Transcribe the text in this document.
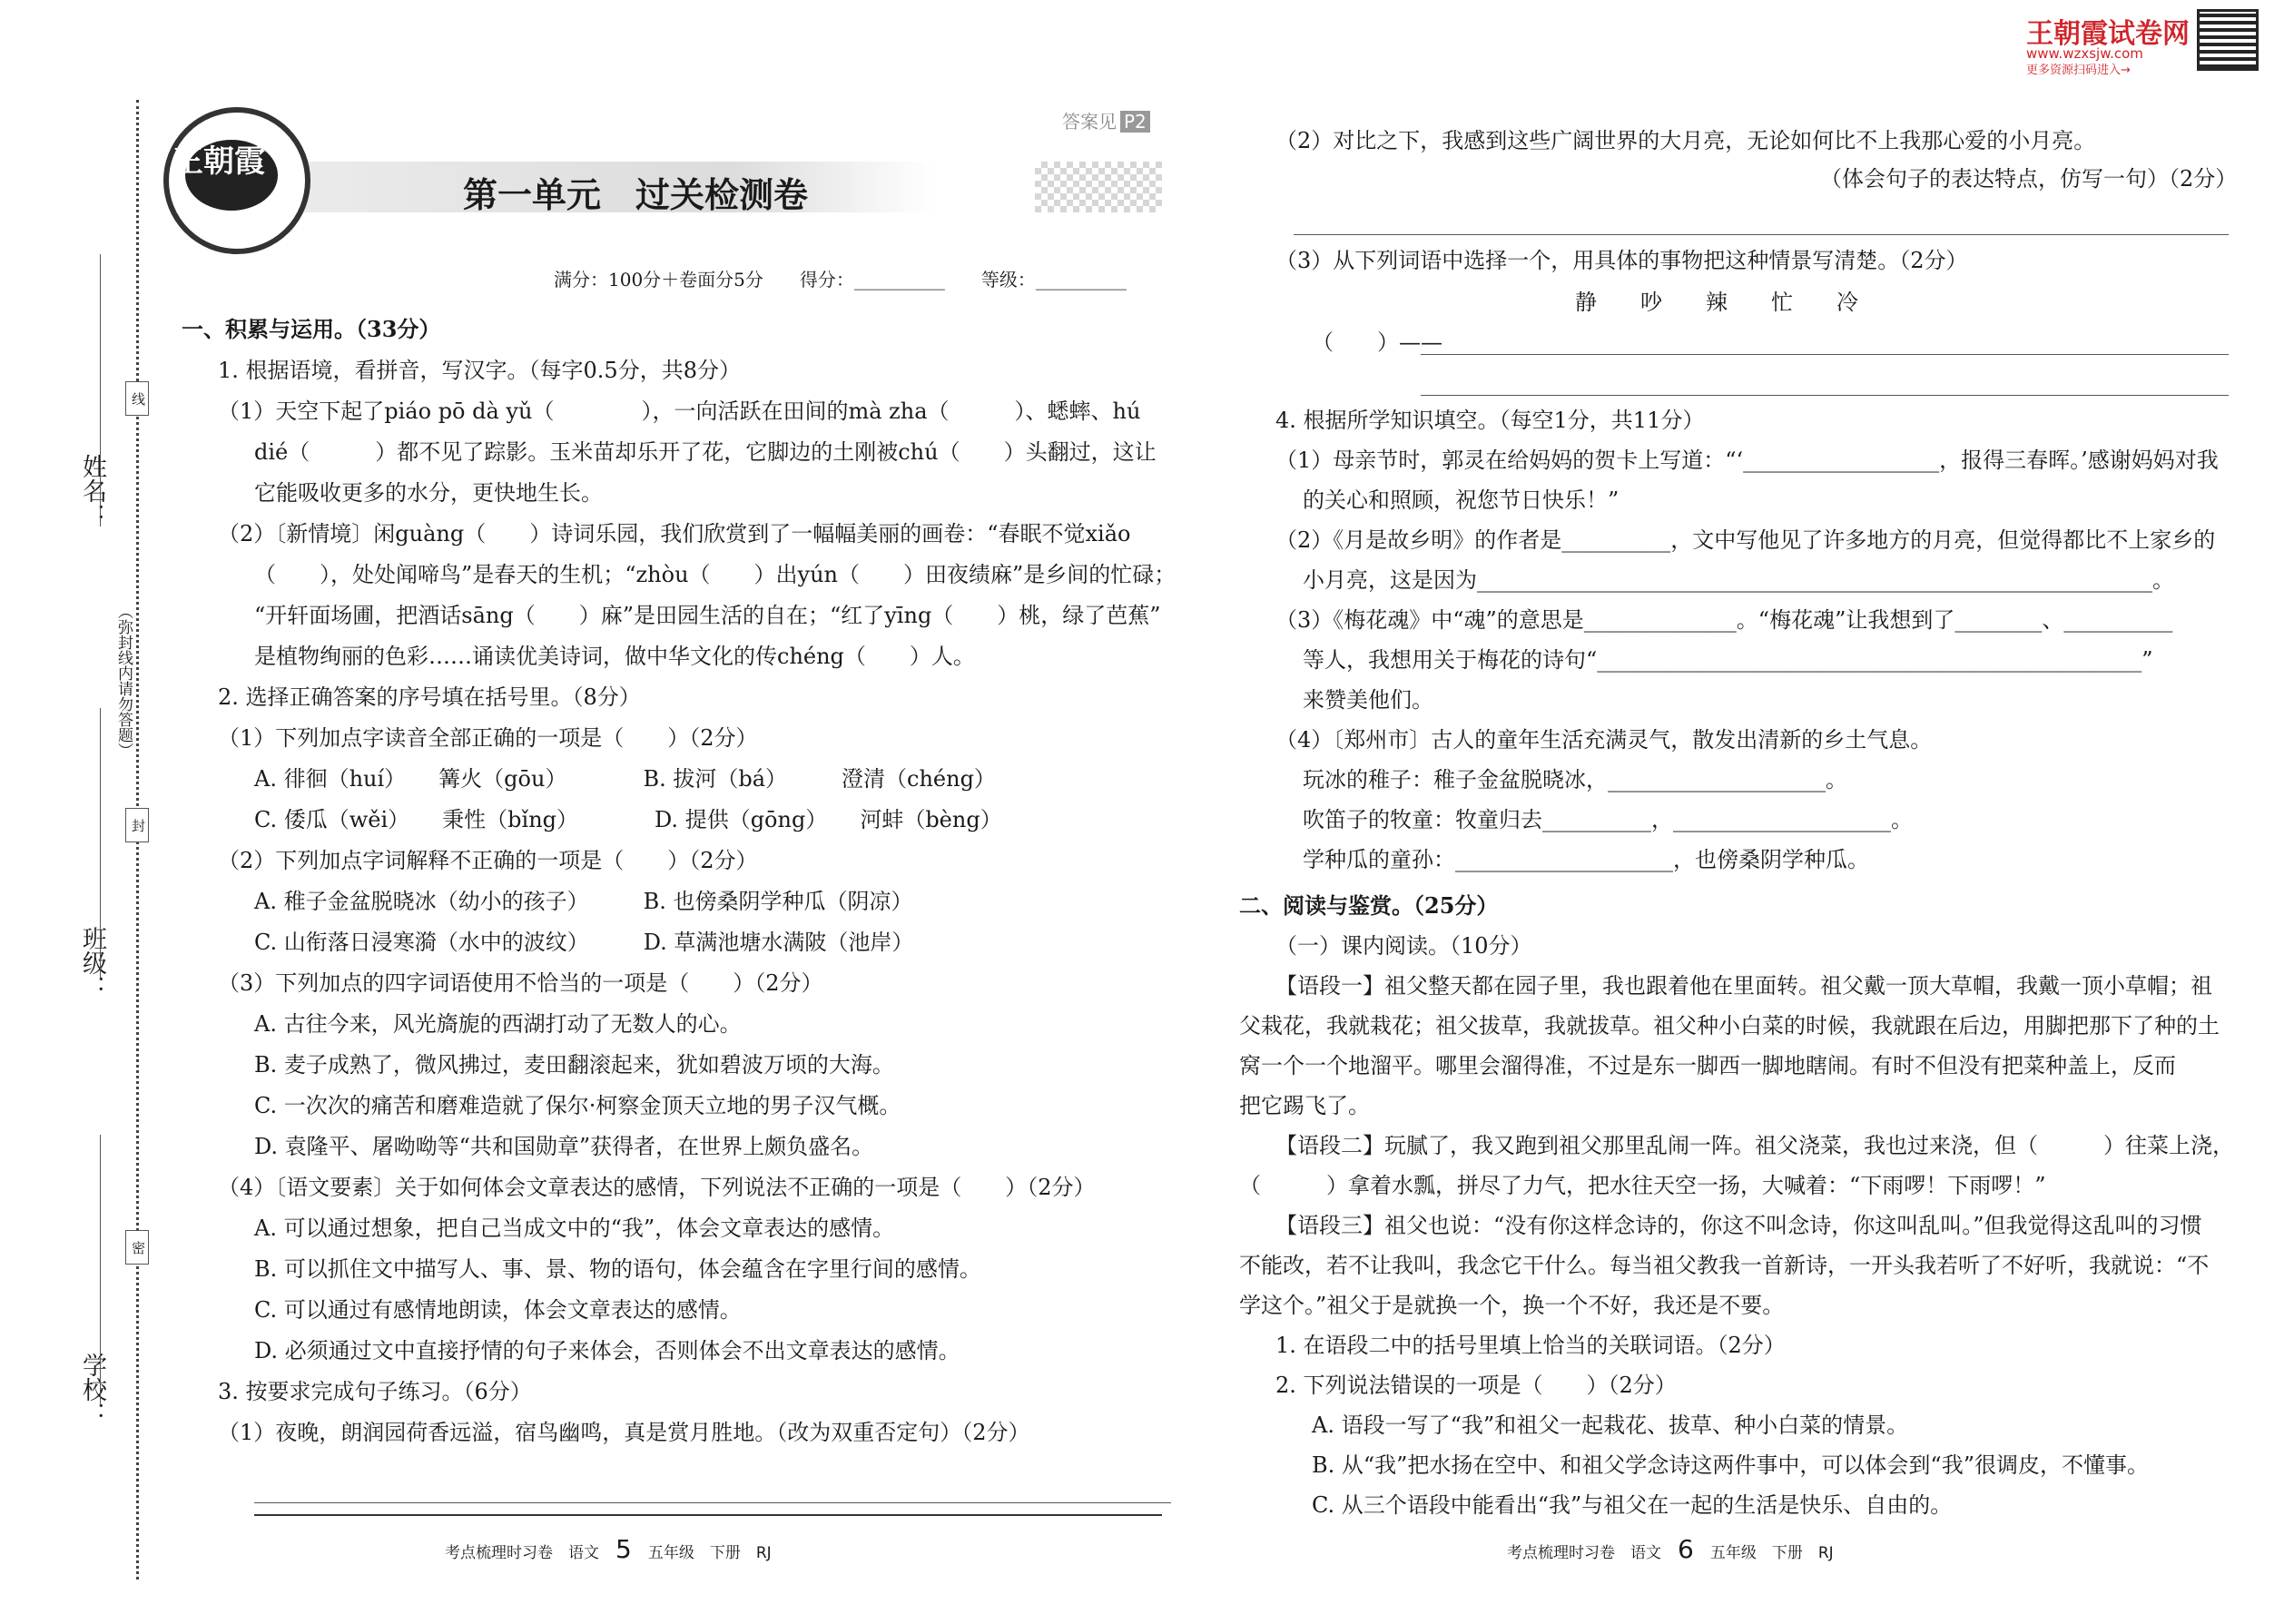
王朝霞试卷网
www.wzxsjw.com
更多资源扫码进入→
姓名：
班级：
学校：
（弥封线内请勿答题）
线
封
密
王朝霞
第一单元　过关检测卷
答案见 P2
满分：100分＋卷面分5分　　得分：__________　　等级：__________
一、积累与运用。（33分）
1. 根据语境，看拼音，写汉字。（每字0.5分，共8分）
（1）天空下起了piáo pō dà yǔ（　　　　），一向活跃在田间的mà zha（　　　）、蟋蟀、hú
dié（　　　）都不见了踪影。玉米苗却乐开了花，它脚边的土刚被chú（　　）头翻过，这让
它能吸收更多的水分，更快地生长。
（2）〔新情境〕闲guàng（　　）诗词乐园，我们欣赏到了一幅幅美丽的画卷：“春眠不觉xiǎo
（　　），处处闻啼鸟”是春天的生机；“zhòu（　　）出yún（　　）田夜绩麻”是乡间的忙碌；
“开轩面场圃，把酒话sāng（　　）麻”是田园生活的自在；“红了yīng（　　）桃，绿了芭蕉”
是植物绚丽的色彩……诵读优美诗词，做中华文化的传chéng（　　）人。
2. 选择正确答案的序号填在括号里。（8分）
（1）下列加点字读音全部正确的一项是（　　）（2分）
A. 徘徊（huí）　　篝火（gōu）　　　　B. 拔河（bá）　　　澄清（chéng）
C. 倭瓜（wěi）　　秉性（bǐng）　　　　D. 提供（gōng）　　河蚌（bèng）
（2）下列加点字词解释不正确的一项是（　　）（2分）
A. 稚子金盆脱晓冰（幼小的孩子）　　　B. 也傍桑阴学种瓜（阴凉）
C. 山衔落日浸寒漪（水中的波纹）　　　D. 草满池塘水满陂（池岸）
（3）下列加点的四字词语使用不恰当的一项是（　　）（2分）
A. 古往今来，风光旖旎的西湖打动了无数人的心。
B. 麦子成熟了，微风拂过，麦田翻滚起来，犹如碧波万顷的大海。
C. 一次次的痛苦和磨难造就了保尔·柯察金顶天立地的男子汉气概。
D. 袁隆平、屠呦呦等“共和国勋章”获得者，在世界上颇负盛名。
（4）〔语文要素〕关于如何体会文章表达的感情，下列说法不正确的一项是（　　）（2分）
A. 可以通过想象，把自己当成文中的“我”，体会文章表达的感情。
B. 可以抓住文中描写人、事、景、物的语句，体会蕴含在字里行间的感情。
C. 可以通过有感情地朗读，体会文章表达的感情。
D. 必须通过文中直接抒情的句子来体会，否则体会不出文章表达的感情。
3. 按要求完成句子练习。（6分）
（1）夜晚，朗润园荷香远溢，宿鸟幽鸣，真是赏月胜地。（改为双重否定句）（2分）
（2）对比之下，我感到这些广阔世界的大月亮，无论如何比不上我那心爱的小月亮。
（体会句子的表达特点，仿写一句）（2分）
（3）从下列词语中选择一个，用具体的事物把这种情景写清楚。（2分）
静　　吵　　辣　　忙　　冷
（　　）——
4. 根据所学知识填空。（每空1分，共11分）
（1）母亲节时，郭灵在给妈妈的贺卡上写道：“‘__________________，报得三春晖。’感谢妈妈对我
的关心和照顾，祝您节日快乐！”
（2）《月是故乡明》的作者是__________，文中写他见了许多地方的月亮，但觉得都比不上家乡的
小月亮，这是因为______________________________________________________________。
（3）《梅花魂》中“魂”的意思是______________。“梅花魂”让我想到了________、__________
等人，我想用关于梅花的诗句“__________________________________________________”
来赞美他们。
（4）〔郑州市〕古人的童年生活充满灵气，散发出清新的乡土气息。
玩冰的稚子：稚子金盆脱晓冰，____________________。
吹笛子的牧童：牧童归去__________，____________________。
学种瓜的童孙：____________________，也傍桑阴学种瓜。
二、阅读与鉴赏。（25分）
（一）课内阅读。（10分）
【语段一】祖父整天都在园子里，我也跟着他在里面转。祖父戴一顶大草帽，我戴一顶小草帽；祖
父栽花，我就栽花；祖父拔草，我就拔草。祖父种小白菜的时候，我就跟在后边，用脚把那下了种的土
窝一个一个地溜平。哪里会溜得准，不过是东一脚西一脚地瞎闹。有时不但没有把菜种盖上，反而
把它踢飞了。
【语段二】玩腻了，我又跑到祖父那里乱闹一阵。祖父浇菜，我也过来浇，但（　　　）往菜上浇，
（　　　）拿着水瓢，拼尽了力气，把水往天空一扬，大喊着：“下雨啰！下雨啰！”
【语段三】祖父也说：“没有你这样念诗的，你这不叫念诗，你这叫乱叫。”但我觉得这乱叫的习惯
不能改，若不让我叫，我念它干什么。每当祖父教我一首新诗，一开头我若听了不好听，我就说：“不
学这个。”祖父于是就换一个，换一个不好，我还是不要。
1. 在语段二中的括号里填上恰当的关联词语。（2分）
2. 下列说法错误的一项是（　　）（2分）
A. 语段一写了“我”和祖父一起栽花、拔草、种小白菜的情景。
B. 从“我”把水扬在空中、和祖父学念诗这两件事中，可以体会到“我”很调皮，不懂事。
C. 从三个语段中能看出“我”与祖父在一起的生活是快乐、自由的。
考点梳理时习卷　语文 5 五年级　下册　RJ	考点梳理时习卷　语文 6 五年级　下册　RJ
